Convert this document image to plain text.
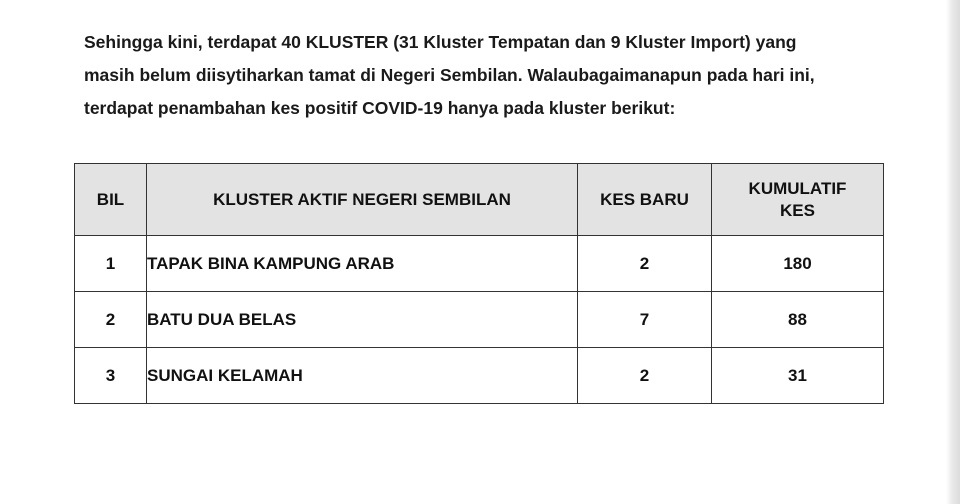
Sehingga kini, terdapat 40 KLUSTER (31 Kluster Tempatan dan 9 Kluster Import) yang
masih belum diisytiharkan tamat di Negeri Sembilan. Walaubagaimanapun pada hari ini,
terdapat penambahan kes positif COVID-19 hanya pada kluster berikut:
BIL	KLUSTER AKTIF NEGERI SEMBILAN	KES BARU	KUMULATIF
KES
1	TAPAK BINA KAMPUNG ARAB	2	180
2	BATU DUA BELAS	7	88
3	SUNGAI KELAMAH	2	31
